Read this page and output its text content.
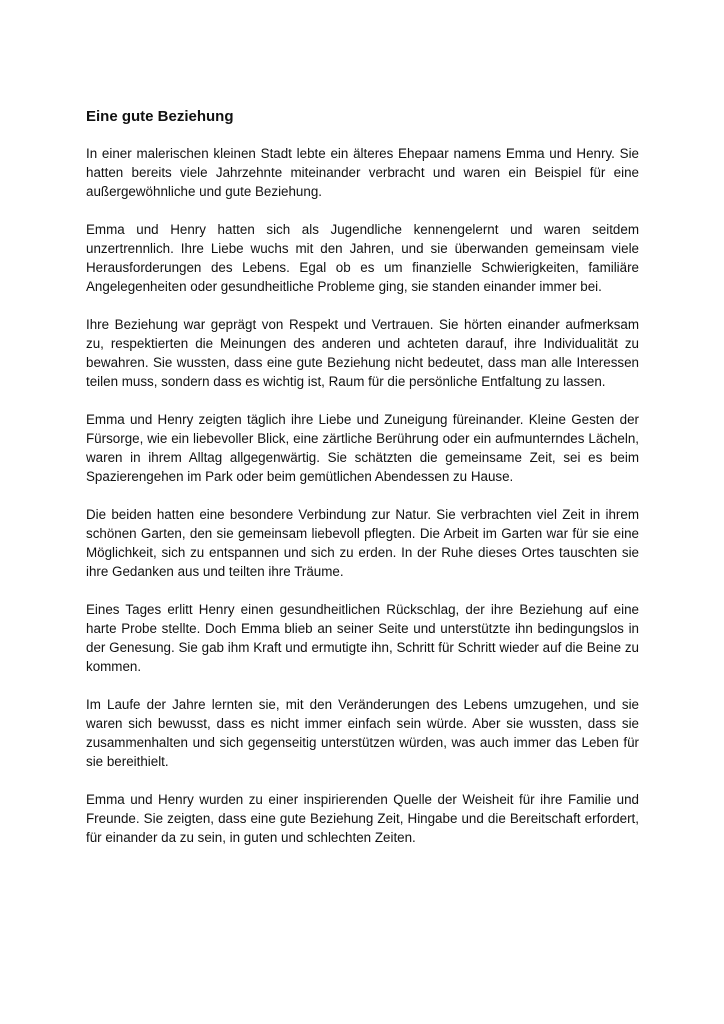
Eine gute Beziehung

In einer malerischen kleinen Stadt lebte ein älteres Ehepaar namens Emma und Henry. Sie hatten bereits viele Jahrzehnte miteinander verbracht und waren ein Beispiel für eine außergewöhnliche und gute Beziehung.

Emma und Henry hatten sich als Jugendliche kennengelernt und waren seitdem unzertrennlich. Ihre Liebe wuchs mit den Jahren, und sie überwanden gemeinsam viele Herausforderungen des Lebens. Egal ob es um finanzielle Schwierigkeiten, familiäre Angelegenheiten oder gesundheitliche Probleme ging, sie standen einander immer bei.

Ihre Beziehung war geprägt von Respekt und Vertrauen. Sie hörten einander aufmerksam zu, respektierten die Meinungen des anderen und achteten darauf, ihre Individualität zu bewahren. Sie wussten, dass eine gute Beziehung nicht bedeutet, dass man alle Interessen teilen muss, sondern dass es wichtig ist, Raum für die persönliche Entfaltung zu lassen.

Emma und Henry zeigten täglich ihre Liebe und Zuneigung füreinander. Kleine Gesten der Fürsorge, wie ein liebevoller Blick, eine zärtliche Berührung oder ein aufmunterndes Lächeln, waren in ihrem Alltag allgegenwärtig. Sie schätzten die gemeinsame Zeit, sei es beim Spazierengehen im Park oder beim gemütlichen Abendessen zu Hause.

Die beiden hatten eine besondere Verbindung zur Natur. Sie verbrachten viel Zeit in ihrem schönen Garten, den sie gemeinsam liebevoll pflegten. Die Arbeit im Garten war für sie eine Möglichkeit, sich zu entspannen und sich zu erden. In der Ruhe dieses Ortes tauschten sie ihre Gedanken aus und teilten ihre Träume.

Eines Tages erlitt Henry einen gesundheitlichen Rückschlag, der ihre Beziehung auf eine harte Probe stellte. Doch Emma blieb an seiner Seite und unterstützte ihn bedingungslos in der Genesung. Sie gab ihm Kraft und ermutigte ihn, Schritt für Schritt wieder auf die Beine zu kommen.

Im Laufe der Jahre lernten sie, mit den Veränderungen des Lebens umzugehen, und sie waren sich bewusst, dass es nicht immer einfach sein würde. Aber sie wussten, dass sie zusammenhalten und sich gegenseitig unterstützen würden, was auch immer das Leben für sie bereithielt.

Emma und Henry wurden zu einer inspirierenden Quelle der Weisheit für ihre Familie und Freunde. Sie zeigten, dass eine gute Beziehung Zeit, Hingabe und die Bereitschaft erfordert, für einander da zu sein, in guten und schlechten Zeiten.
